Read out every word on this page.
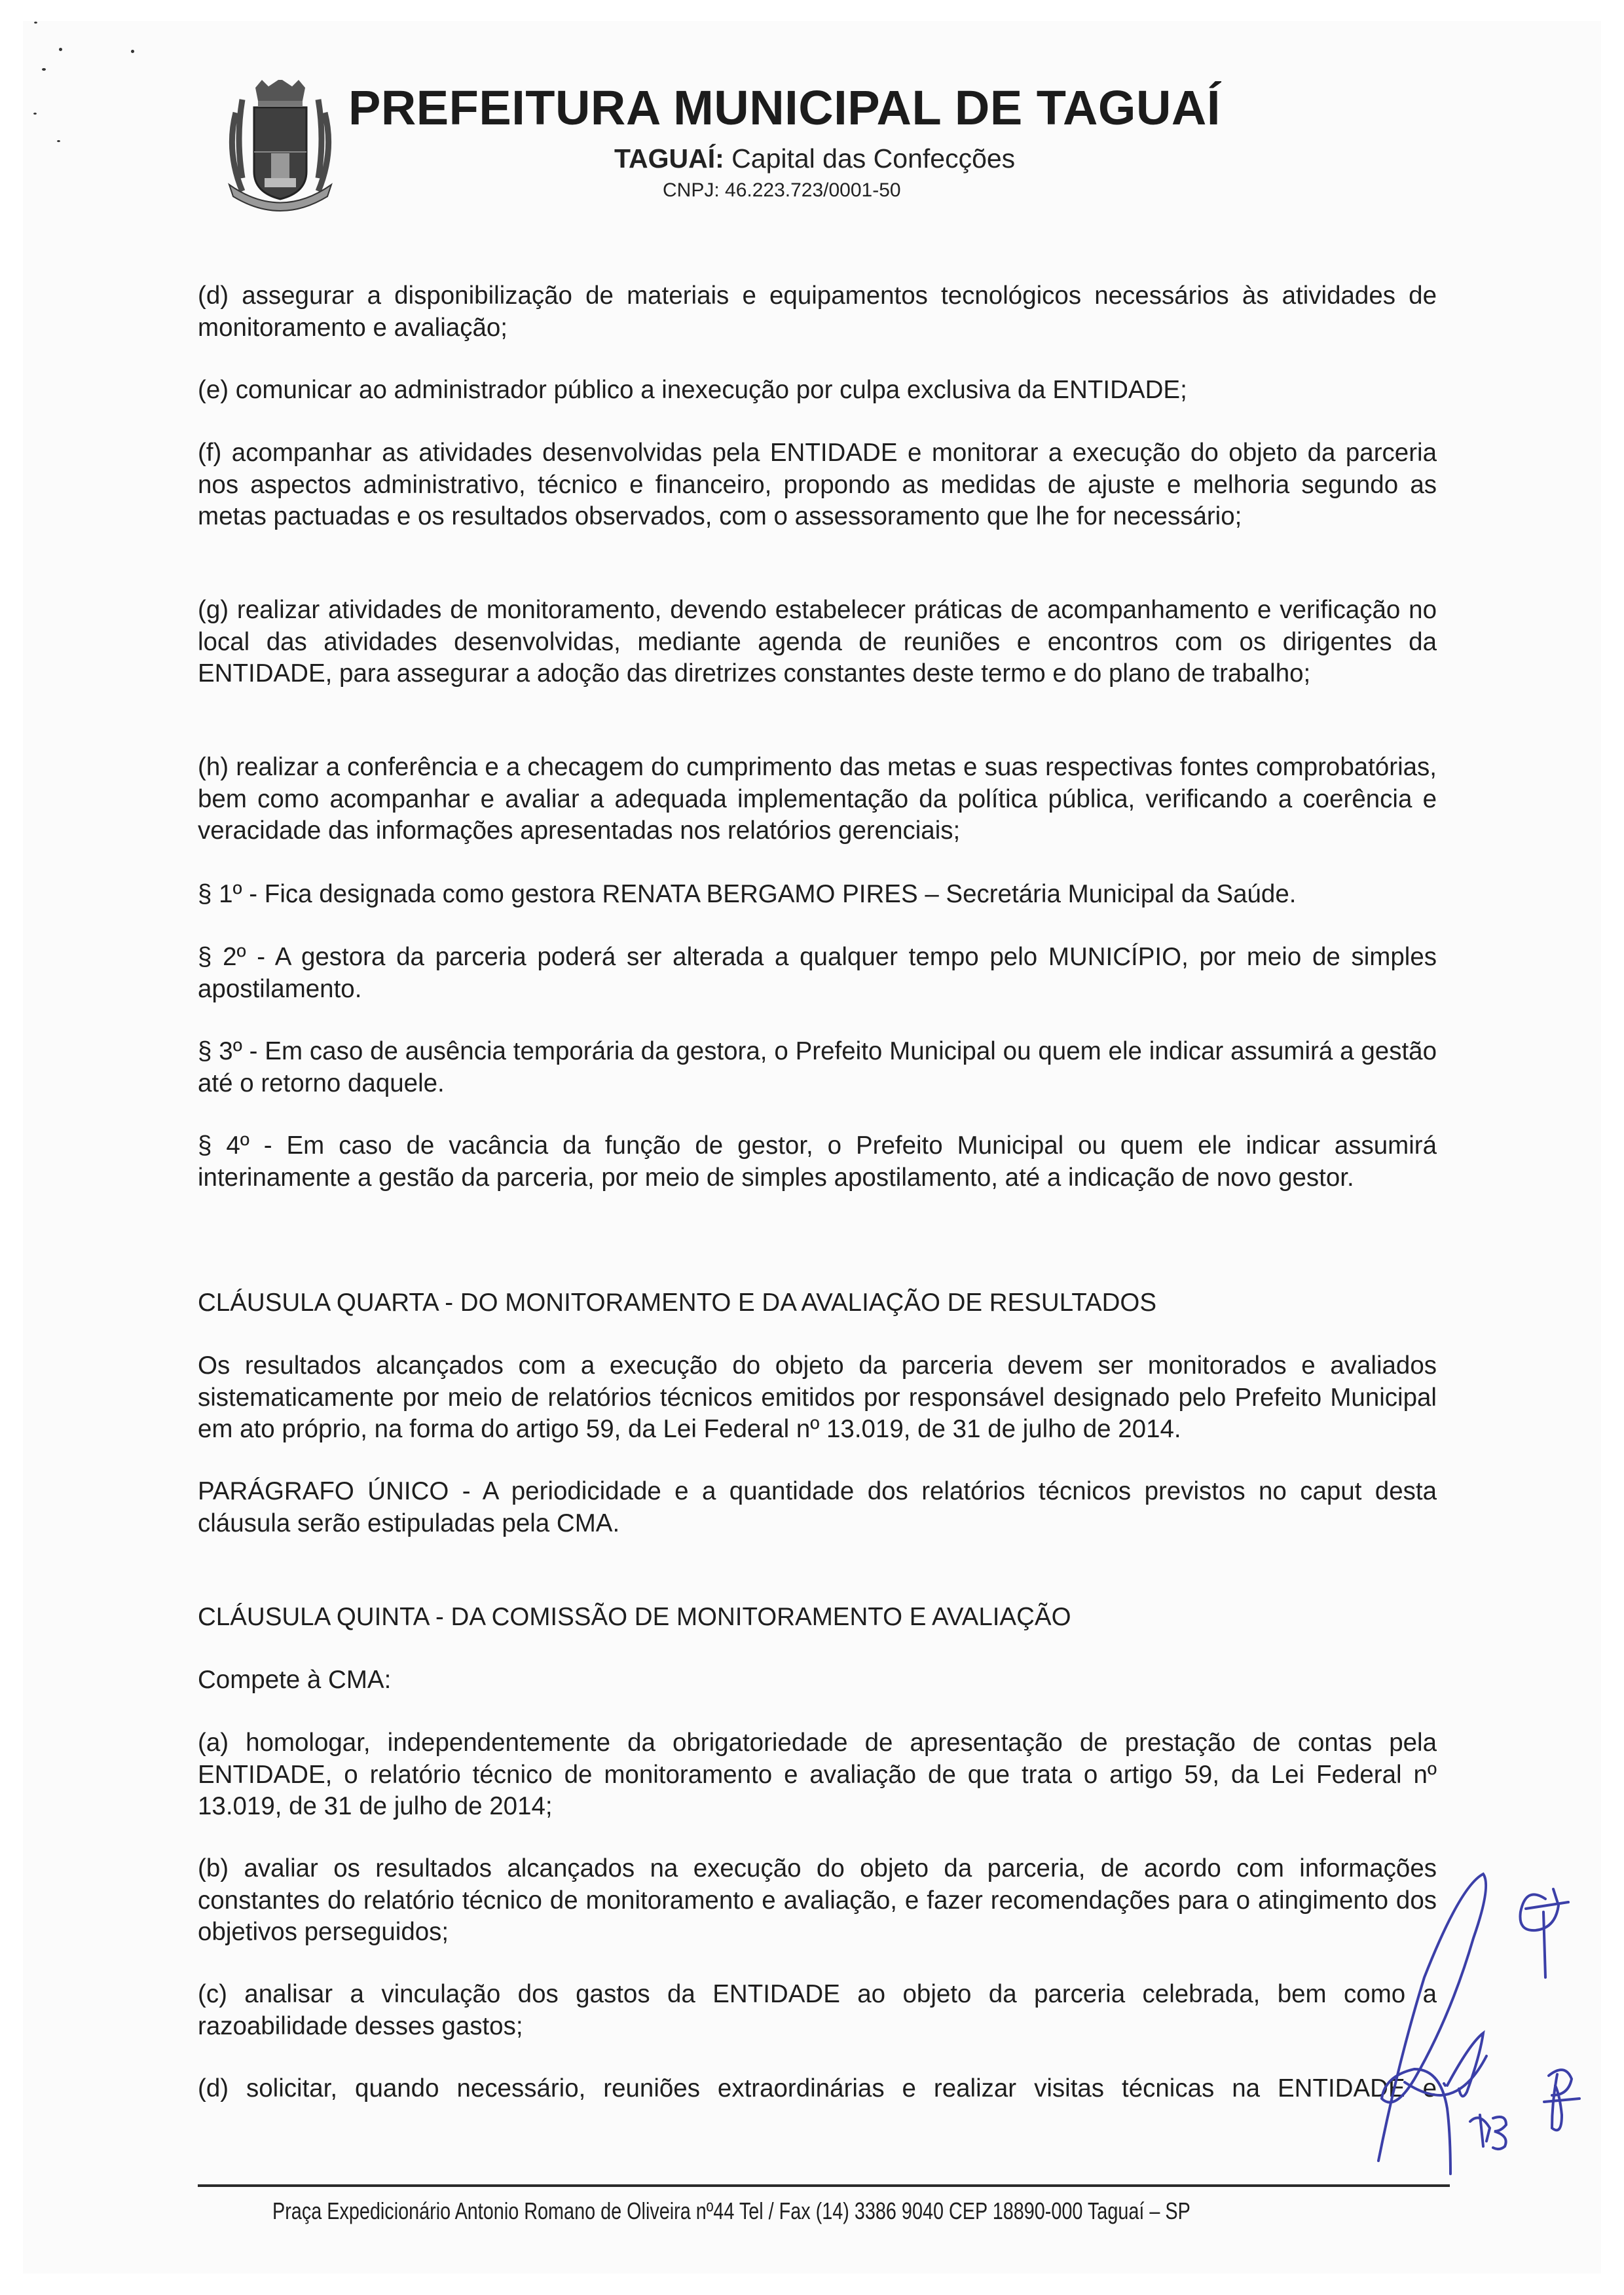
PREFEITURA MUNICIPAL DE TAGUAÍ
TAGUAÍ: Capital das Confecções
CNPJ: 46.223.723/0001-50
(d) assegurar a disponibilização de materiais e equipamentos tecnológicos necessários às atividades de monitoramento e avaliação;
(e) comunicar ao administrador público a inexecução por culpa exclusiva da ENTIDADE;
(f) acompanhar as atividades desenvolvidas pela ENTIDADE e monitorar a execução do objeto da parceria nos aspectos administrativo, técnico e financeiro, propondo as medidas de ajuste e melhoria segundo as metas pactuadas e os resultados observados, com o assessoramento que lhe for necessário;
(g) realizar atividades de monitoramento, devendo estabelecer práticas de acompanhamento e verificação no local das atividades desenvolvidas, mediante agenda de reuniões e encontros com os dirigentes da ENTIDADE, para assegurar a adoção das diretrizes constantes deste termo e do plano de trabalho;
(h) realizar a conferência e a checagem do cumprimento das metas e suas respectivas fontes comprobatórias, bem como acompanhar e avaliar a adequada implementação da política pública, verificando a coerência e veracidade das informações apresentadas nos relatórios gerenciais;
§ 1º - Fica designada como gestora RENATA BERGAMO PIRES – Secretária Municipal da Saúde.
§ 2º - A gestora da parceria poderá ser alterada a qualquer tempo pelo MUNICÍPIO, por meio de simples apostilamento.
§ 3º - Em caso de ausência temporária da gestora, o Prefeito Municipal ou quem ele indicar assumirá a gestão até o retorno daquele.
§ 4º - Em caso de vacância da função de gestor, o Prefeito Municipal ou quem ele indicar assumirá interinamente a gestão da parceria, por meio de simples apostilamento, até a indicação de novo gestor.
CLÁUSULA QUARTA - DO MONITORAMENTO E DA AVALIAÇÃO DE RESULTADOS
Os resultados alcançados com a execução do objeto da parceria devem ser monitorados e avaliados sistematicamente por meio de relatórios técnicos emitidos por responsável designado pelo Prefeito Municipal em ato próprio, na forma do artigo 59, da Lei Federal nº 13.019, de 31 de julho de 2014.
PARÁGRAFO ÚNICO - A periodicidade e a quantidade dos relatórios técnicos previstos no caput desta cláusula serão estipuladas pela CMA.
CLÁUSULA QUINTA - DA COMISSÃO DE MONITORAMENTO E AVALIAÇÃO
Compete à CMA:
(a) homologar, independentemente da obrigatoriedade de apresentação de prestação de contas pela ENTIDADE, o relatório técnico de monitoramento e avaliação de que trata o artigo 59, da Lei Federal nº 13.019, de 31 de julho de 2014;
(b) avaliar os resultados alcançados na execução do objeto da parceria, de acordo com informações constantes do relatório técnico de monitoramento e avaliação, e fazer recomendações para o atingimento dos objetivos perseguidos;
(c) analisar a vinculação dos gastos da ENTIDADE ao objeto da parceria celebrada, bem como a razoabilidade desses gastos;
(d) solicitar, quando necessário, reuniões extraordinárias e realizar visitas técnicas na ENTIDADE e
Praça Expedicionário Antonio Romano de Oliveira nº44 Tel / Fax (14) 3386 9040 CEP 18890-000 Taguaí – SP
